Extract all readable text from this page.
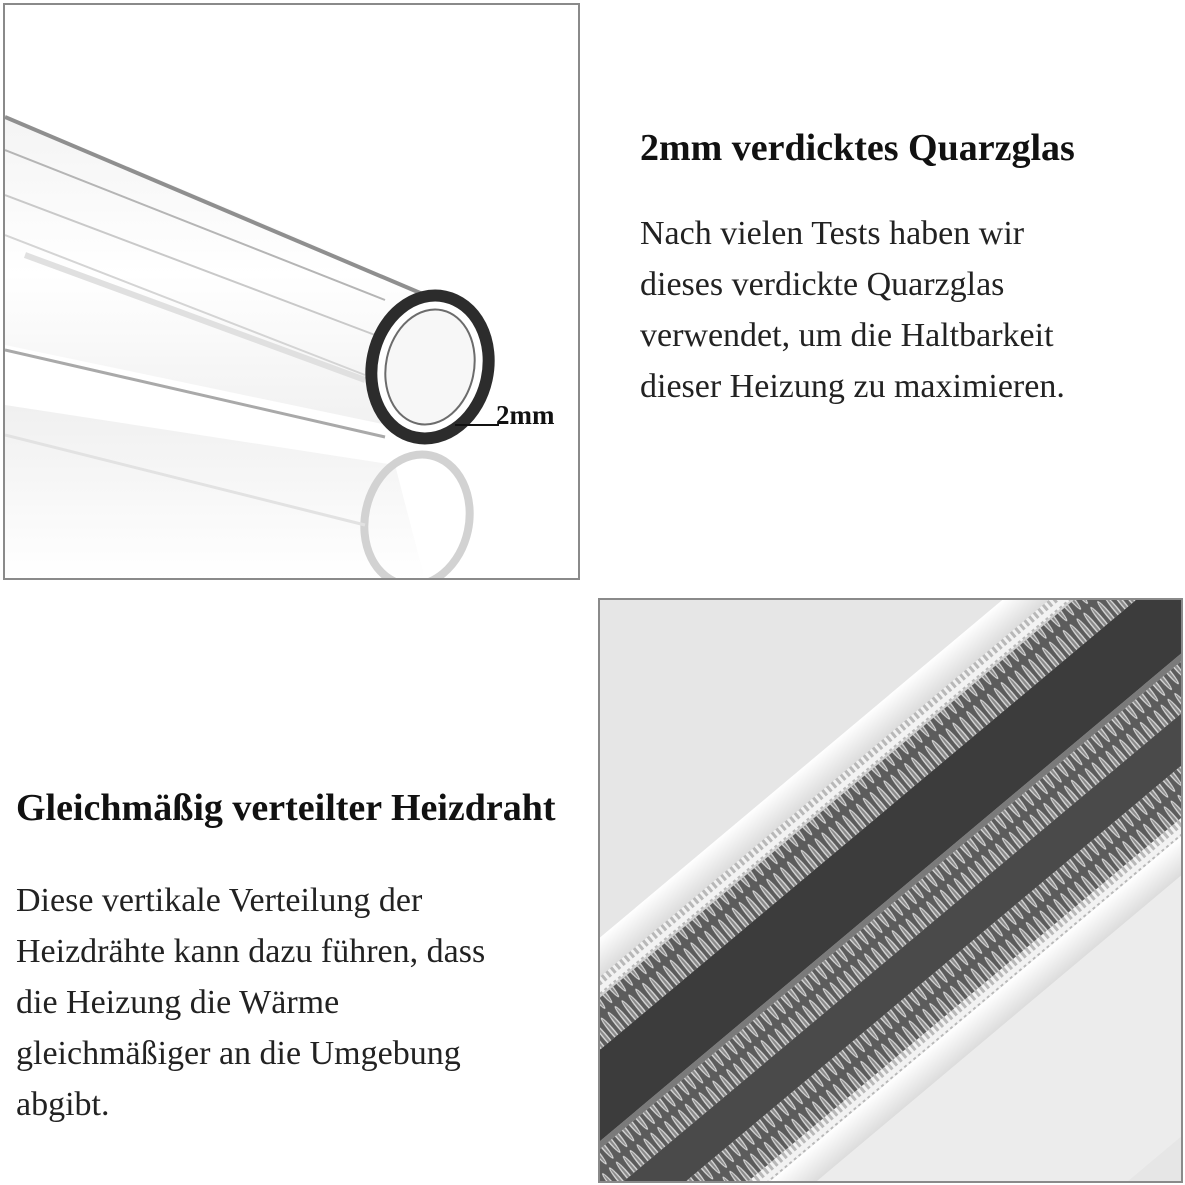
2mm
2mm verdicktes Quarzglas
Nach vielen Tests haben wir
dieses verdickte Quarzglas
verwendet, um die Haltbarkeit
dieser Heizung zu maximieren.
Gleichmäßig verteilter Heizdraht
Diese vertikale Verteilung der
Heizdrähte kann dazu führen, dass
die Heizung die Wärme
gleichmäßiger an die Umgebung
abgibt.
